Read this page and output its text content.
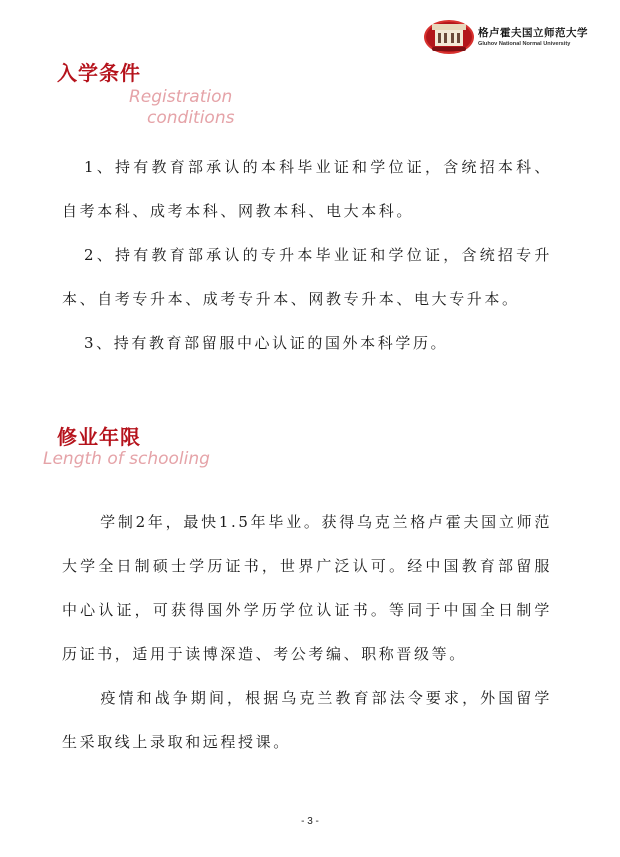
格卢霍夫国立师范大学
Gluhov National Normal University
入学条件
Registration
conditions
1、持有教育部承认的本科毕业证和学位证，含统招本科、自考本科、成考本科、网教本科、电大本科。
2、持有教育部承认的专升本毕业证和学位证，含统招专升本、自考专升本、成考专升本、网教专升本、电大专升本。
3、持有教育部留服中心认证的国外本科学历。
修业年限
Length of schooling
学制2年，最快1.5年毕业。获得乌克兰格卢霍夫国立师范大学全日制硕士学历证书，世界广泛认可。经中国教育部留服中心认证，可获得国外学历学位认证书。等同于中国全日制学历证书，适用于读博深造、考公考编、职称晋级等。
疫情和战争期间，根据乌克兰教育部法令要求，外国留学生采取线上录取和远程授课。
- 3 -
